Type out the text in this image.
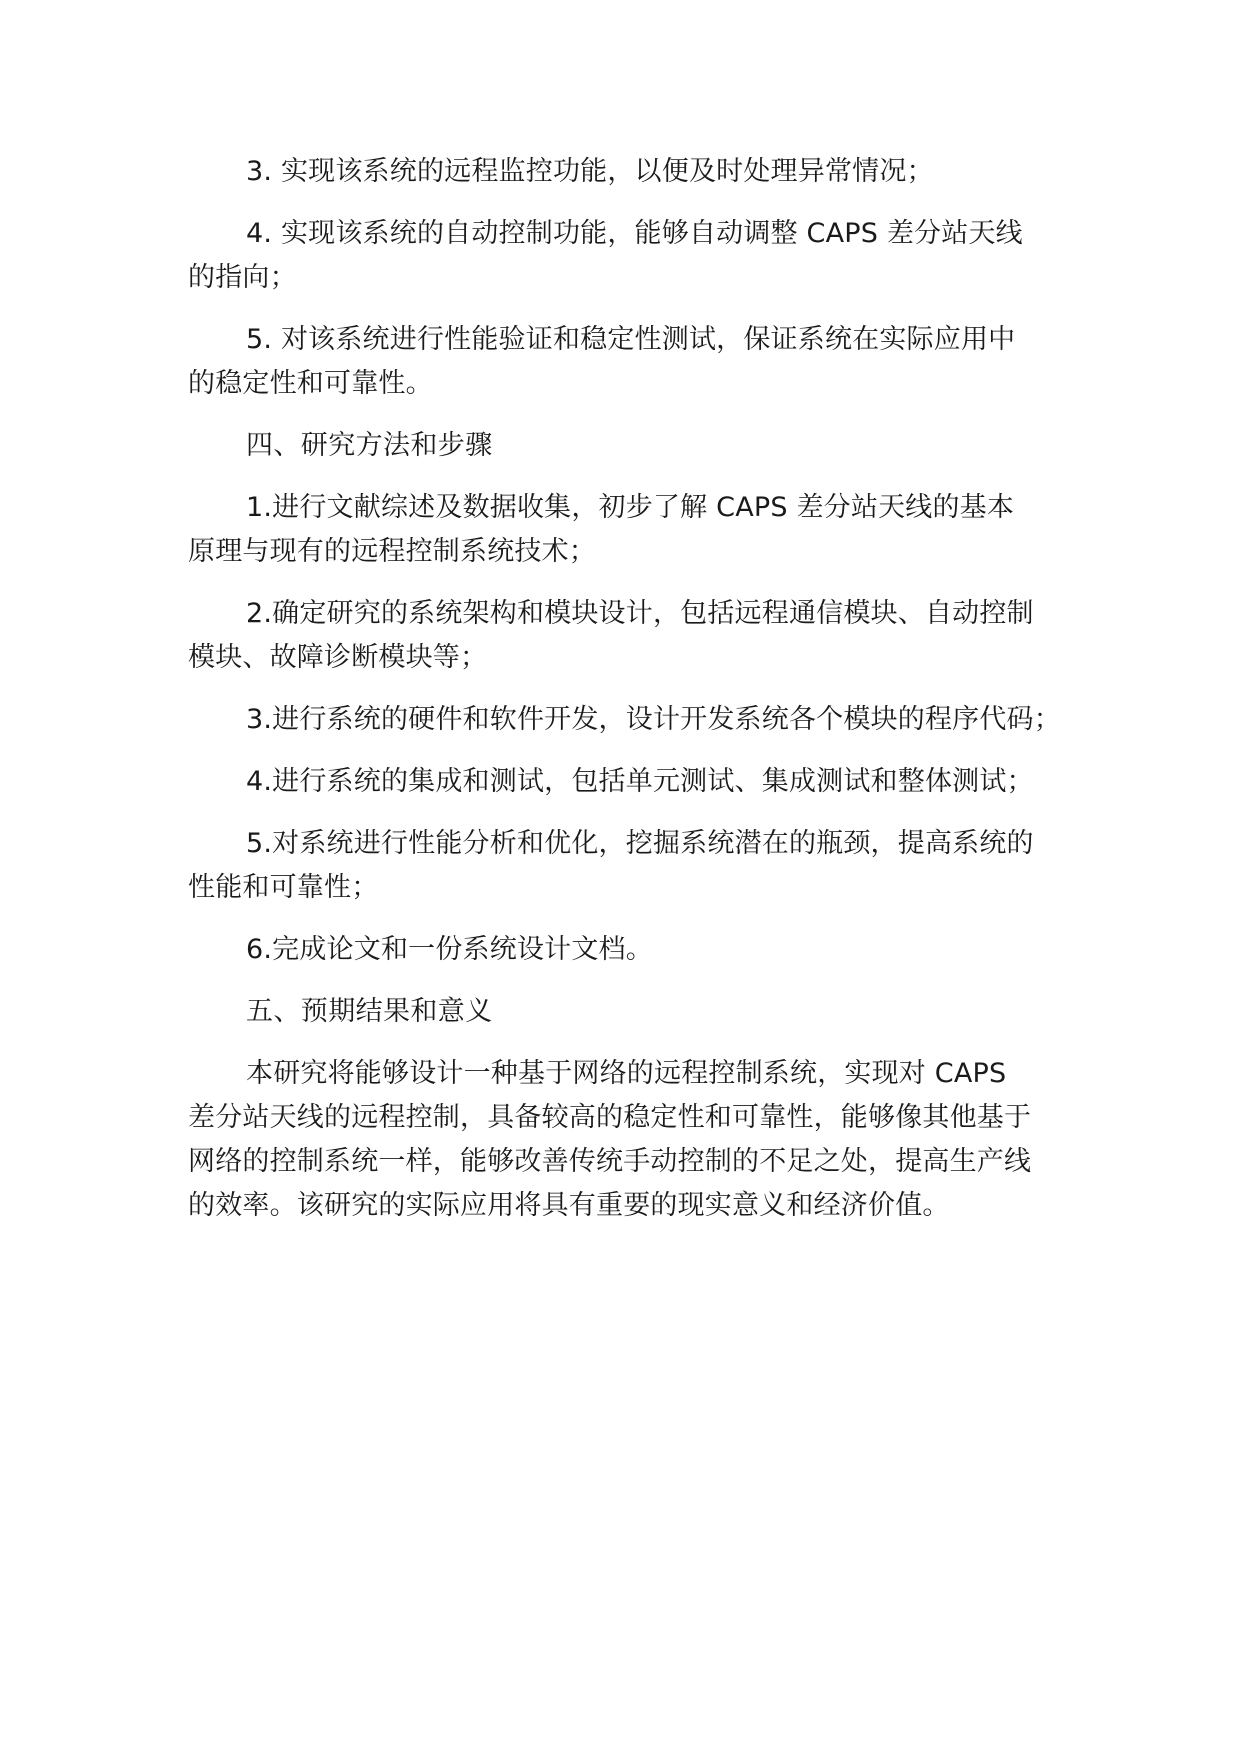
3. 实现该系统的远程监控功能，以便及时处理异常情况；

4. 实现该系统的自动控制功能，能够自动调整 CAPS 差分站天线的指向；

5. 对该系统进行性能验证和稳定性测试，保证系统在实际应用中的稳定性和可靠性。

四、研究方法和步骤

1.进行文献综述及数据收集，初步了解 CAPS 差分站天线的基本原理与现有的远程控制系统技术；

2.确定研究的系统架构和模块设计，包括远程通信模块、自动控制模块、故障诊断模块等；

3.进行系统的硬件和软件开发，设计开发系统各个模块的程序代码；

4.进行系统的集成和测试，包括单元测试、集成测试和整体测试；

5.对系统进行性能分析和优化，挖掘系统潜在的瓶颈，提高系统的性能和可靠性；

6.完成论文和一份系统设计文档。

五、预期结果和意义

本研究将能够设计一种基于网络的远程控制系统，实现对 CAPS 差分站天线的远程控制，具备较高的稳定性和可靠性，能够像其他基于网络的控制系统一样，能够改善传统手动控制的不足之处，提高生产线的效率。该研究的实际应用将具有重要的现实意义和经济价值。
